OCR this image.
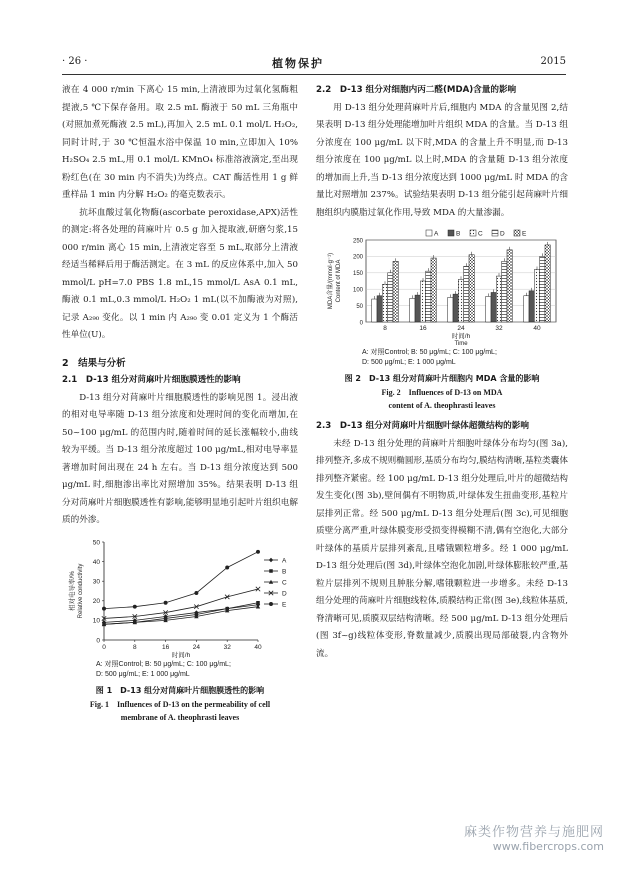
· 26 ·	植物保护	2015

液在 4 000 r/min 下离心 15 min,上清液即为过氧化氢酶粗提液,5 ℃下保存备用。取 2.5 mL 酶液于 50 mL 三角瓶中(对照加煮死酶液 2.5 mL),再加入 2.5 mL 0.1 mol/L H₂O₂,同时计时,于 30 ℃恒温水浴中保温 10 min,立即加入 10% H₂SO₄ 2.5 mL,用 0.1 mol/L KMnO₄ 标准溶液滴定,至出现粉红色(在 30 min 内不消失)为终点。CAT 酶活性用 1 g 鲜重样品 1 min 内分解 H₂O₂ 的毫克数表示。

抗坏血酸过氧化物酶(ascorbate peroxidase,APX)活性的测定:将各处理的苘麻叶片 0.5 g 加入提取液,研磨匀浆,15 000 r/min 离心 15 min,上清液定容至 5 mL,取部分上清液经适当稀释后用于酶活测定。在 3 mL 的反应体系中,加入 50 mmol/L pH=7.0 PBS 1.8 mL,15 mmol/L AsA 0.1 mL,酶液 0.1 mL,0.3 mmol/L H₂O₂ 1 mL(以不加酶液为对照),记录 A₂₉₀ 变化。以 1 min 内 A₂₉₀ 变 0.01 定义为 1 个酶活性单位(U)。

2　结果与分析

2.1　D-13 组分对苘麻叶片细胞膜透性的影响

D-13 组分对苘麻叶片细胞膜透性的影响见图 1。浸出液的相对电导率随 D-13 组分浓度和处理时间的变化而增加,在 50~100 μg/mL 的范围内时,随着时间的延长涨幅较小,曲线较为平缓。当 D-13 组分浓度超过 100 μg/mL,相对电导率显著增加时间出现在 24 h 左右。当 D-13 组分浓度达到 500 μg/mL 时,细胞渗出率比对照增加 35%。结果表明 D-13 组分对苘麻叶片细胞膜透性有影响,能够明显地引起叶片组织电解质的外渗。

0	8	16	24	32	40
0
10
20
30
40
50
相对电导率/% Relative conductivity
时间/h
A
B
C
D
E
A: 对照Control; B: 50 μg/mL; C: 100 μg/mL;
D: 500 μg/mL; E: 1 000 μg/mL
图 1　D-13 组分对苘麻叶片细胞膜透性的影响
Fig. 1　Influences of D-13 on the permeability of cell
membrane of A. theophrasti leaves

2.2　D-13 组分对细胞内丙二醛(MDA)含量的影响

用 D-13 组分处理苘麻叶片后,细胞内 MDA 的含量见图 2,结果表明 D-13 组分处理能增加叶片组织 MDA 的含量。当 D-13 组分浓度在 100 μg/mL 以下时,MDA 的含量上升不明显,而 D-13 组分浓度在 100 μg/mL 以上时,MDA 的含量随 D-13 组分浓度的增加而上升,当 D-13 组分浓度达到 1000 μg/mL 时 MDA 的含量比对照增加 237%。试验结果表明 D-13 组分能引起苘麻叶片细胞组织内膜脂过氧化作用,导致 MDA 的大量渗漏。

0
50
100
150
200
250
8	16	24	32	40
A	B	C	D	E
MDA含量/(mmol·g⁻¹) Content of MDA
时间/h
Time
A: 对照Control; B: 50 μg/mL; C: 100 μg/mL;
D: 500 μg/mL; E: 1 000 μg/mL
图 2　D-13 组分对苘麻叶片细胞内 MDA 含量的影响
Fig. 2　Influences of D-13 on MDA
content of A. theophrasti leaves

2.3　D-13 组分对苘麻叶片细胞叶绿体超微结构的影响

未经 D-13 组分处理的苘麻叶片细胞叶绿体分布均匀(图 3a),排列整齐,多成不规则椭圆形,基质分布均匀,膜结构清晰,基粒类囊体排列整齐紧密。经 100 μg/mL D-13 组分处理后,叶片的超微结构发生变化(图 3b),壁间偶有不明物质,叶绿体发生扭曲变形,基粒片层排列正常。经 500 μg/mL D-13 组分处理后(图 3c),可见细胞质壁分离严重,叶绿体膜变形受损变得模糊不清,偶有空泡化,大部分叶绿体的基质片层排列紊乱,且嗜锇颗粒增多。经 1 000 μg/mL D-13 组分处理后(图 3d),叶绿体空泡化加剧,叶绿体膨胀较严重,基粒片层排列不规则且肿胀分解,嗜锇颗粒进一步增多。未经 D-13 组分处理的苘麻叶片细胞线粒体,质膜结构正常(图 3e),线粒体基质,脊清晰可见,质膜双层结构清晰。经 500 μg/mL D-13 组分处理后(图 3f~g)线粒体变形,脊数量减少,质膜出现局部破裂,内含物外流。

麻类作物营养与施肥网
www.fibercrops.com
